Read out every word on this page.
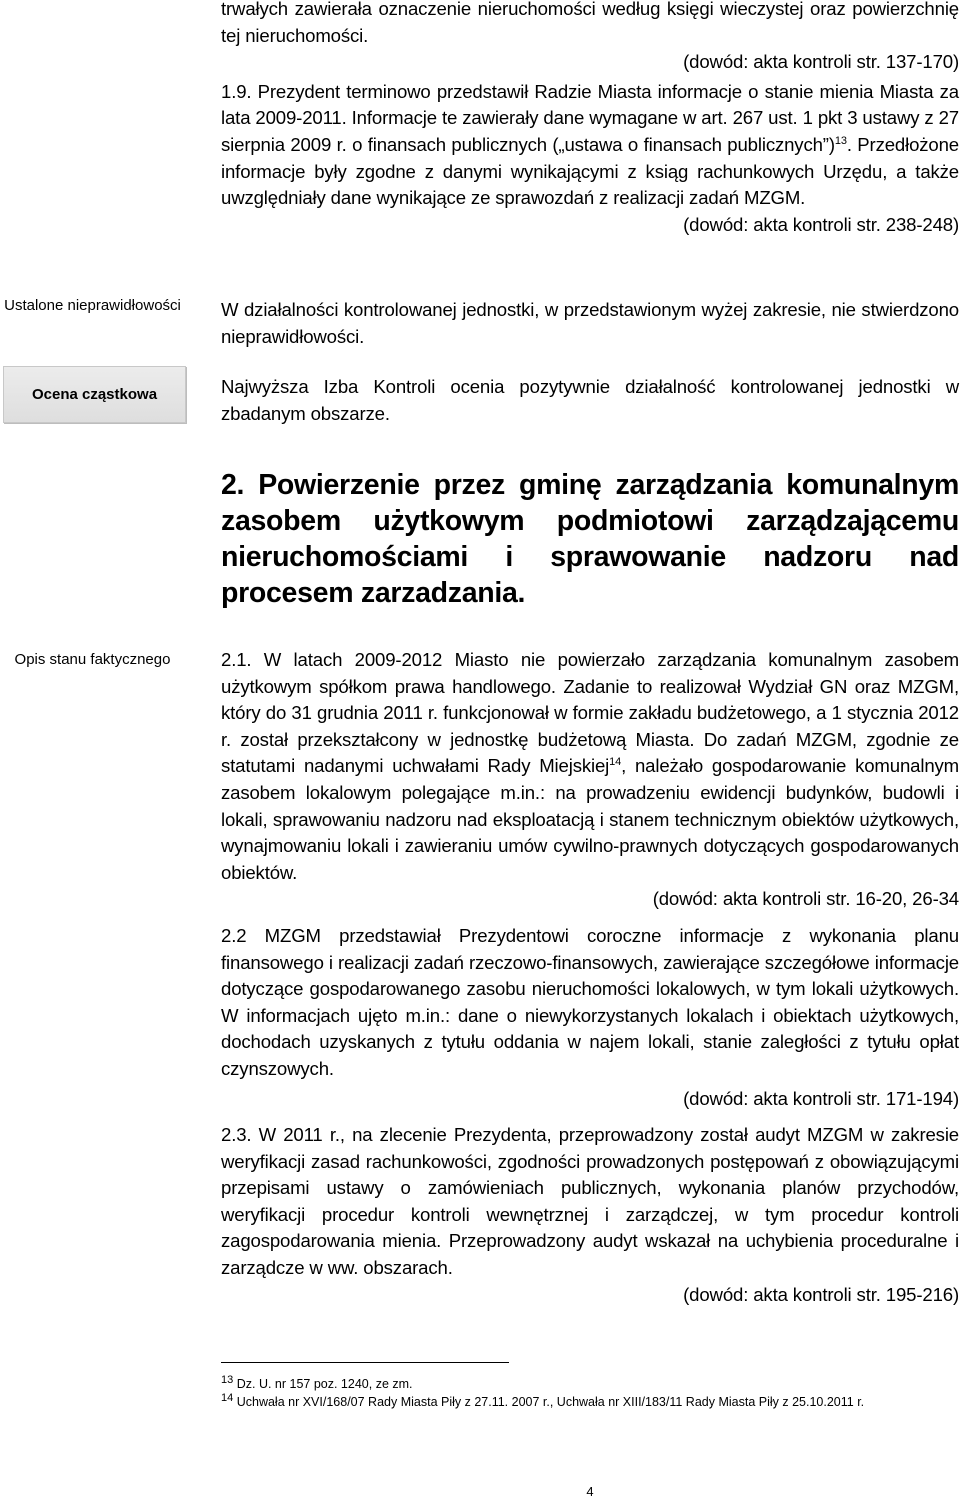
Ustalone nieprawidłowości
Ocena cząstkowa
Opis stanu faktycznego

trwałych zawierała oznaczenie nieruchomości według księgi wieczystej oraz powierzchnię tej nieruchomości.

(dowód: akta kontroli str. 137-170)

1.9. Prezydent terminowo przedstawił Radzie Miasta informacje o stanie mienia Miasta za lata 2009-2011. Informacje te zawierały dane wymagane w art. 267 ust. 1 pkt 3 ustawy z 27 sierpnia 2009 r. o finansach publicznych („ustawa o finansach publicznych”)$^{13}$. Przedłożone informacje były zgodne z danymi wynikającymi z ksiąg rachunkowych Urzędu, a także uwzględniały dane wynikające ze sprawozdań z realizacji zadań MZGM.

(dowód: akta kontroli str. 238-248)

W działalności kontrolowanej jednostki, w przedstawionym wyżej zakresie, nie stwierdzono nieprawidłowości.

Najwyższa Izba Kontroli ocenia pozytywnie działalność kontrolowanej jednostki w zbadanym obszarze.

2. Powierzenie przez gminę zarządzania komunalnym zasobem użytkowym podmiotowi zarządzającemu nieruchomościami i sprawowanie nadzoru nad procesem zarzadzania.

2.1. W latach 2009-2012 Miasto nie powierzało zarządzania komunalnym zasobem użytkowym spółkom prawa handlowego. Zadanie to realizował Wydział GN oraz MZGM, który do 31 grudnia 2011 r. funkcjonował w formie zakładu budżetowego, a 1 stycznia 2012 r. został przekształcony w jednostkę budżetową Miasta. Do zadań MZGM, zgodnie ze statutami nadanymi uchwałami Rady Miejskiej$^{14}$, należało gospodarowanie komunalnym zasobem lokalowym polegające m.in.: na prowadzeniu ewidencji budynków, budowli i lokali, sprawowaniu nadzoru nad eksploatacją i stanem technicznym obiektów użytkowych, wynajmowaniu lokali i zawieraniu umów cywilno-prawnych dotyczących gospodarowanych obiektów.

(dowód: akta kontroli str. 16-20, 26-34

2.2 MZGM przedstawiał Prezydentowi coroczne informacje z wykonania planu finansowego i realizacji zadań rzeczowo-finansowych, zawierające szczegółowe informacje dotyczące gospodarowanego zasobu nieruchomości lokalowych, w tym lokali użytkowych. W informacjach ujęto m.in.: dane o niewykorzystanych lokalach i obiektach użytkowych, dochodach uzyskanych z tytułu oddania w najem lokali, stanie zaległości z tytułu opłat czynszowych.

(dowód: akta kontroli str. 171-194)

2.3. W 2011 r., na zlecenie Prezydenta, przeprowadzony został audyt MZGM w zakresie weryfikacji zasad rachunkowości, zgodności prowadzonych postępowań z obowiązującymi przepisami ustawy o zamówieniach publicznych, wykonania planów przychodów, weryfikacji procedur kontroli wewnętrznej i zarządczej, w tym procedur kontroli zagospodarowania mienia. Przeprowadzony audyt wskazał na uchybienia proceduralne i zarządcze w ww. obszarach.

(dowód: akta kontroli str. 195-216)

13 Dz. U. nr 157 poz. 1240, ze zm.
14 Uchwała nr XVI/168/07 Rady Miasta Piły z 27.11. 2007 r., Uchwała nr XIII/183/11 Rady Miasta Piły z 25.10.2011 r.
4
